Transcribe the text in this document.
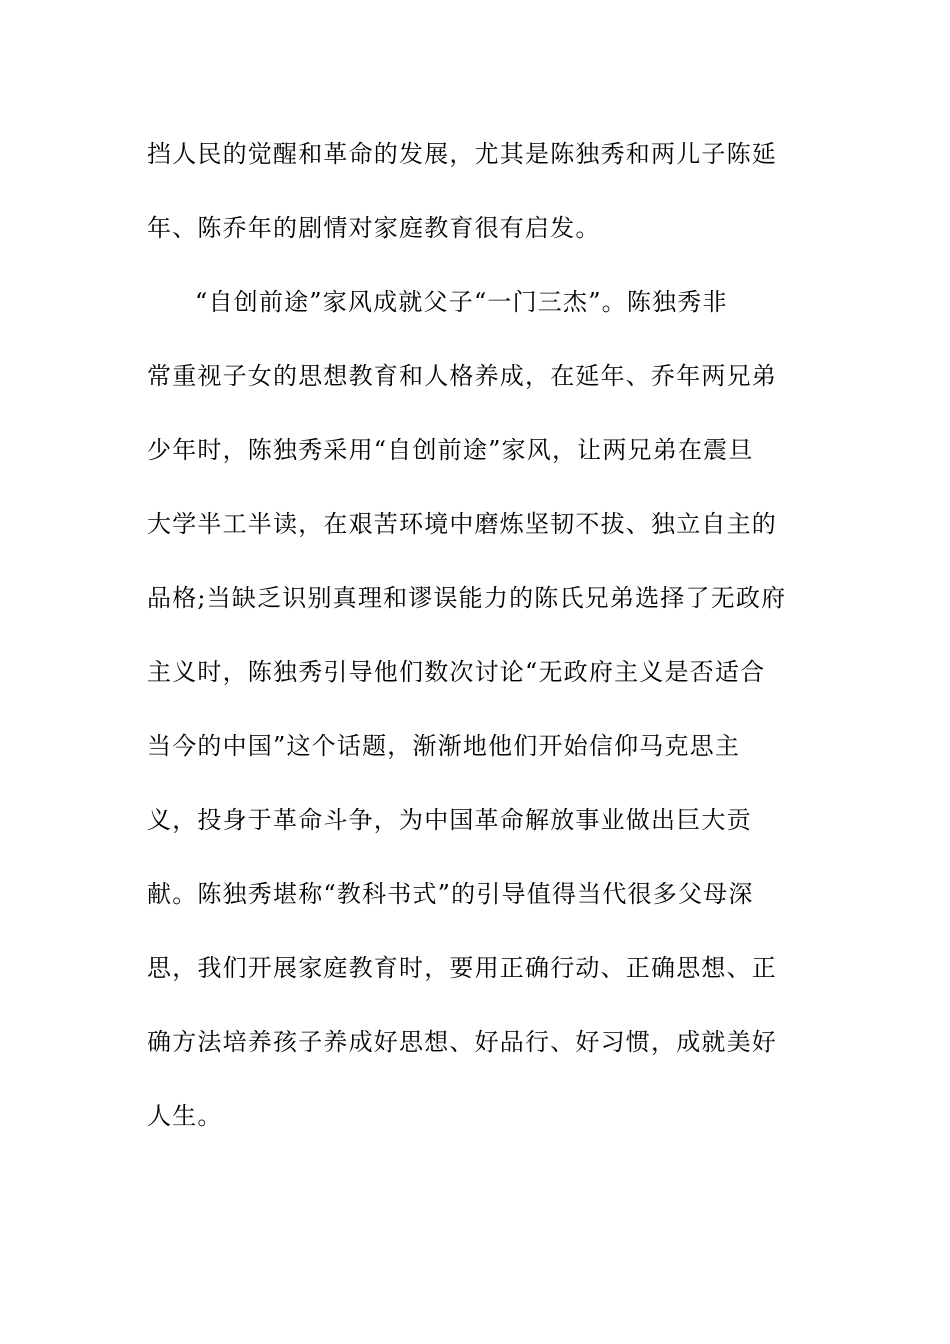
挡人民的觉醒和革命的发展，尤其是陈独秀和两儿子陈延
年、陈乔年的剧情对家庭教育很有启发。
“自创前途”家风成就父子“一门三杰”。陈独秀非
常重视子女的思想教育和人格养成，在延年、乔年两兄弟
少年时，陈独秀采用“自创前途”家风，让两兄弟在震旦
大学半工半读，在艰苦环境中磨炼坚韧不拔、独立自主的
品格;当缺乏识别真理和谬误能力的陈氏兄弟选择了无政府
主义时，陈独秀引导他们数次讨论“无政府主义是否适合
当今的中国”这个话题，渐渐地他们开始信仰马克思主
义，投身于革命斗争，为中国革命解放事业做出巨大贡
献。陈独秀堪称“教科书式”的引导值得当代很多父母深
思，我们开展家庭教育时，要用正确行动、正确思想、正
确方法培养孩子养成好思想、好品行、好习惯，成就美好
人生。
